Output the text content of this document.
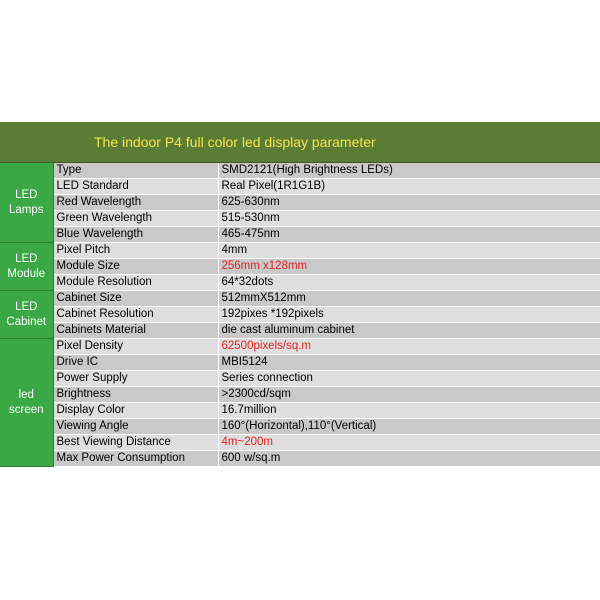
The indoor P4 full color led display parameter		
LED Lamps	Type	SMD2121(High Brightness LEDs)
	LED Standard	Real Pixel(1R1G1B)
	Red Wavelength	625-630nm
	Green Wavelength	515-530nm
	Blue Wavelength	465-475nm
LED Module	Pixel Pitch	4mm
	Module Size	256mm x128mm
	Module Resolution	64*32dots
LED Cabinet	Cabinet Size	512mmX512mm
	Cabinet Resolution	192pixes *192pixels
	Cabinets Material	die cast aluminum cabinet
led screen	Pixel Density	62500pixels/sq.m
	Drive IC	MBI5124
	Power Supply	Series connection
	Brightness	>2300cd/sqm
	Display Color	16.7million
	Viewing Angle	160°(Horizontal),110°(Vertical)
	Best Viewing Distance	4m~200m
	Max Power Consumption	600 w/sq.m
